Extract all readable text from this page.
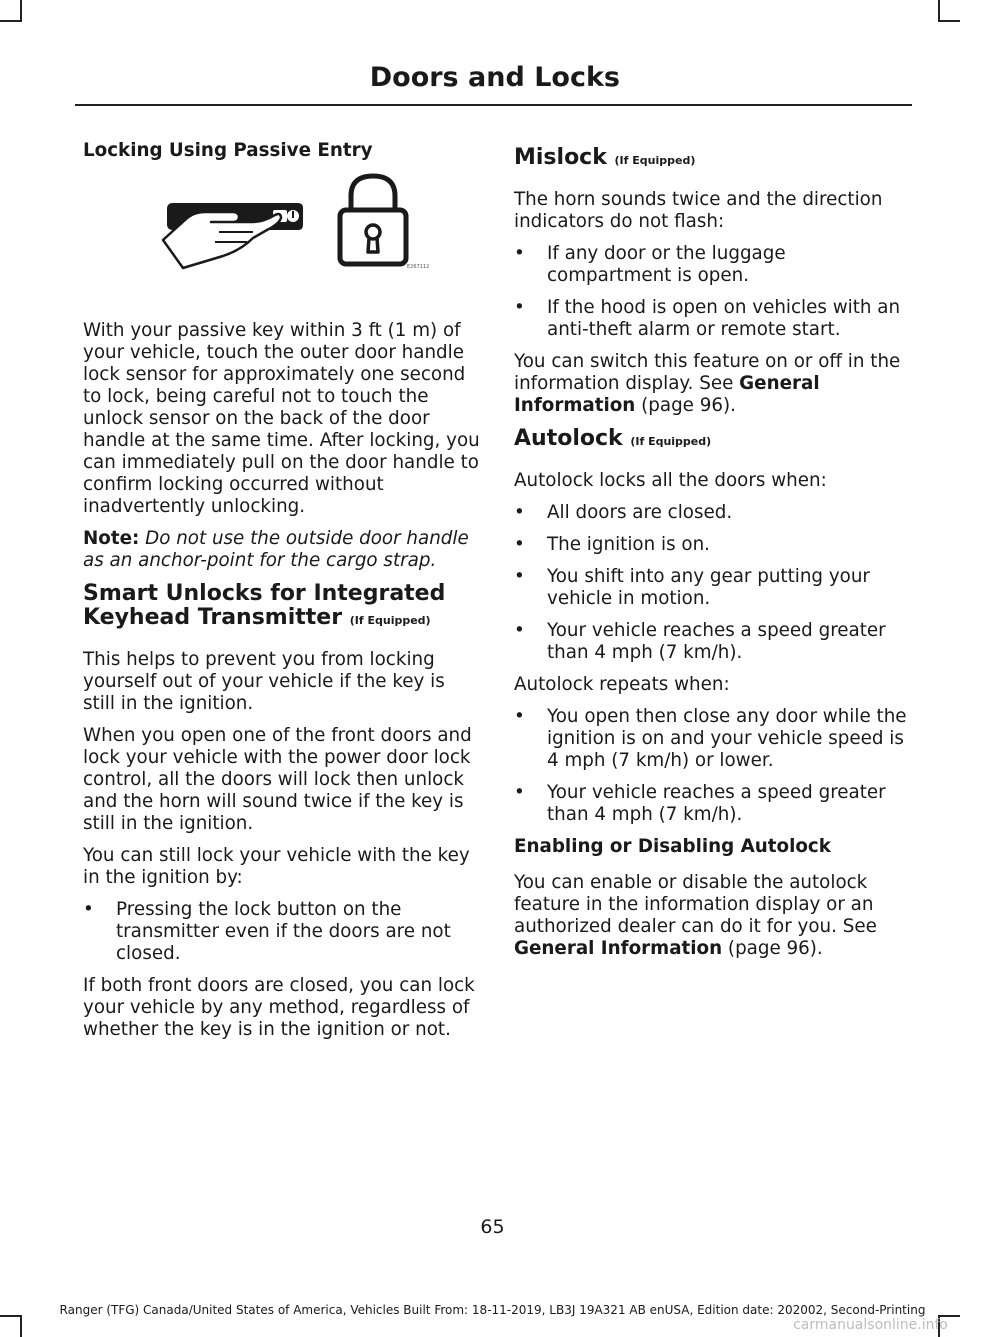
Doors and Locks
Locking Using Passive Entry
E267112

With your passive key within 3 ft (1 m) of your vehicle, touch the outer door handle lock sensor for approximately one second to lock, being careful not to touch the unlock sensor on the back of the door handle at the same time. After locking, you can immediately pull on the door handle to confirm locking occurred without inadvertently unlocking.

Note: Do not use the outside door handle as an anchor-point for the cargo strap.

Smart Unlocks for Integrated Keyhead Transmitter (If Equipped)

This helps to prevent you from locking yourself out of your vehicle if the key is still in the ignition.

When you open one of the front doors and lock your vehicle with the power door lock control, all the doors will lock then unlock and the horn will sound twice if the key is still in the ignition.

You can still lock your vehicle with the key in the ignition by:

• Pressing the lock button on the transmitter even if the doors are not closed.

If both front doors are closed, you can lock your vehicle by any method, regardless of whether the key is in the ignition or not.

Mislock (If Equipped)

The horn sounds twice and the direction indicators do not flash:

• If any door or the luggage compartment is open.
• If the hood is open on vehicles with an anti-theft alarm or remote start.

You can switch this feature on or off in the information display. See General Information (page 96).

Autolock (If Equipped)

Autolock locks all the doors when:

• All doors are closed.
• The ignition is on.
• You shift into any gear putting your vehicle in motion.
• Your vehicle reaches a speed greater than 4 mph (7 km/h).

Autolock repeats when:

• You open then close any door while the ignition is on and your vehicle speed is 4 mph (7 km/h) or lower.
• Your vehicle reaches a speed greater than 4 mph (7 km/h).
Enabling or Disabling Autolock

You can enable or disable the autolock feature in the information display or an authorized dealer can do it for you. See General Information (page 96).

65
Ranger (TFG) Canada/United States of America, Vehicles Built From: 18-11-2019, LB3J 19A321 AB enUSA, Edition date: 202002, Second-Printing
carmanualsonline.info
